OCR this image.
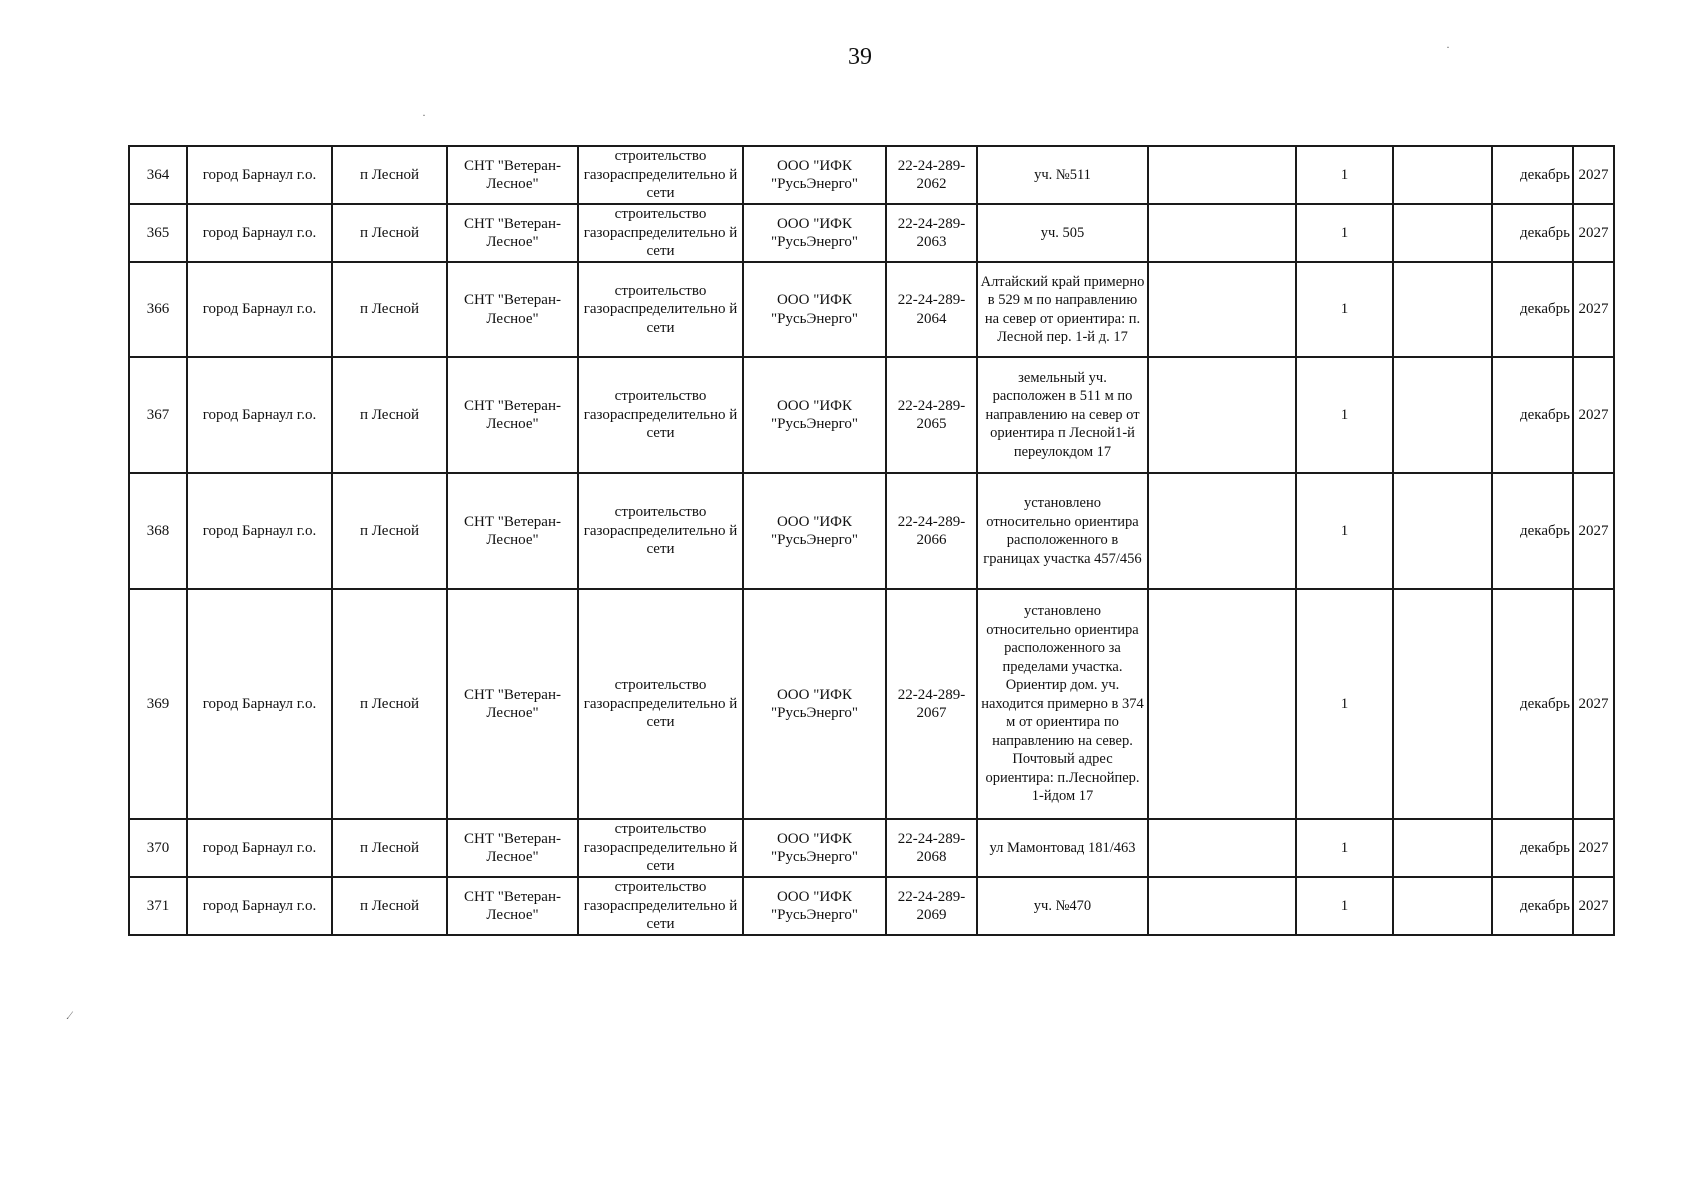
39
364	город Барнаул г.о.	п Лесной	СНТ "Ветеран-Лесное"	строительство газораспределительно й сети	ООО "ИФК "РусьЭнерго"	22-24-289-2062	уч. №511		1		декабрь	2027
365	город Барнаул г.о.	п Лесной	СНТ "Ветеран-Лесное"	строительство газораспределительно й сети	ООО "ИФК "РусьЭнерго"	22-24-289-2063	уч. 505		1		декабрь	2027
366	город Барнаул г.о.	п Лесной	СНТ "Ветеран-Лесное"	строительство газораспределительно й сети	ООО "ИФК "РусьЭнерго"	22-24-289-2064	Алтайский край примерно в 529 м по направлению на север от ориентира: п. Лесной пер. 1-й д. 17		1		декабрь	2027
367	город Барнаул г.о.	п Лесной	СНТ "Ветеран-Лесное"	строительство газораспределительно й сети	ООО "ИФК "РусьЭнерго"	22-24-289-2065	земельный уч. расположен в 511 м по направлению на север от ориентира п Лесной1-й переулокдом 17		1		декабрь	2027
368	город Барнаул г.о.	п Лесной	СНТ "Ветеран-Лесное"	строительство газораспределительно й сети	ООО "ИФК "РусьЭнерго"	22-24-289-2066	установлено относительно ориентира расположенного в границах участка 457/456		1		декабрь	2027
369	город Барнаул г.о.	п Лесной	СНТ "Ветеран-Лесное"	строительство газораспределительно й сети	ООО "ИФК "РусьЭнерго"	22-24-289-2067	установлено относительно ориентира расположенного за пределами участка. Ориентир дом. уч. находится примерно в 374 м от ориентира по направлению на север. Почтовый адрес ориентира: п.Леснойпер. 1-йдом 17		1		декабрь	2027
370	город Барнаул г.о.	п Лесной	СНТ "Ветеран-Лесное"	строительство газораспределительно й сети	ООО "ИФК "РусьЭнерго"	22-24-289-2068	ул Мамонтовад 181/463		1		декабрь	2027
371	город Барнаул г.о.	п Лесной	СНТ "Ветеран-Лесное"	строительство газораспределительно й сети	ООО "ИФК "РусьЭнерго"	22-24-289-2069	уч. №470		1		декабрь	2027
.⁄
·
·
